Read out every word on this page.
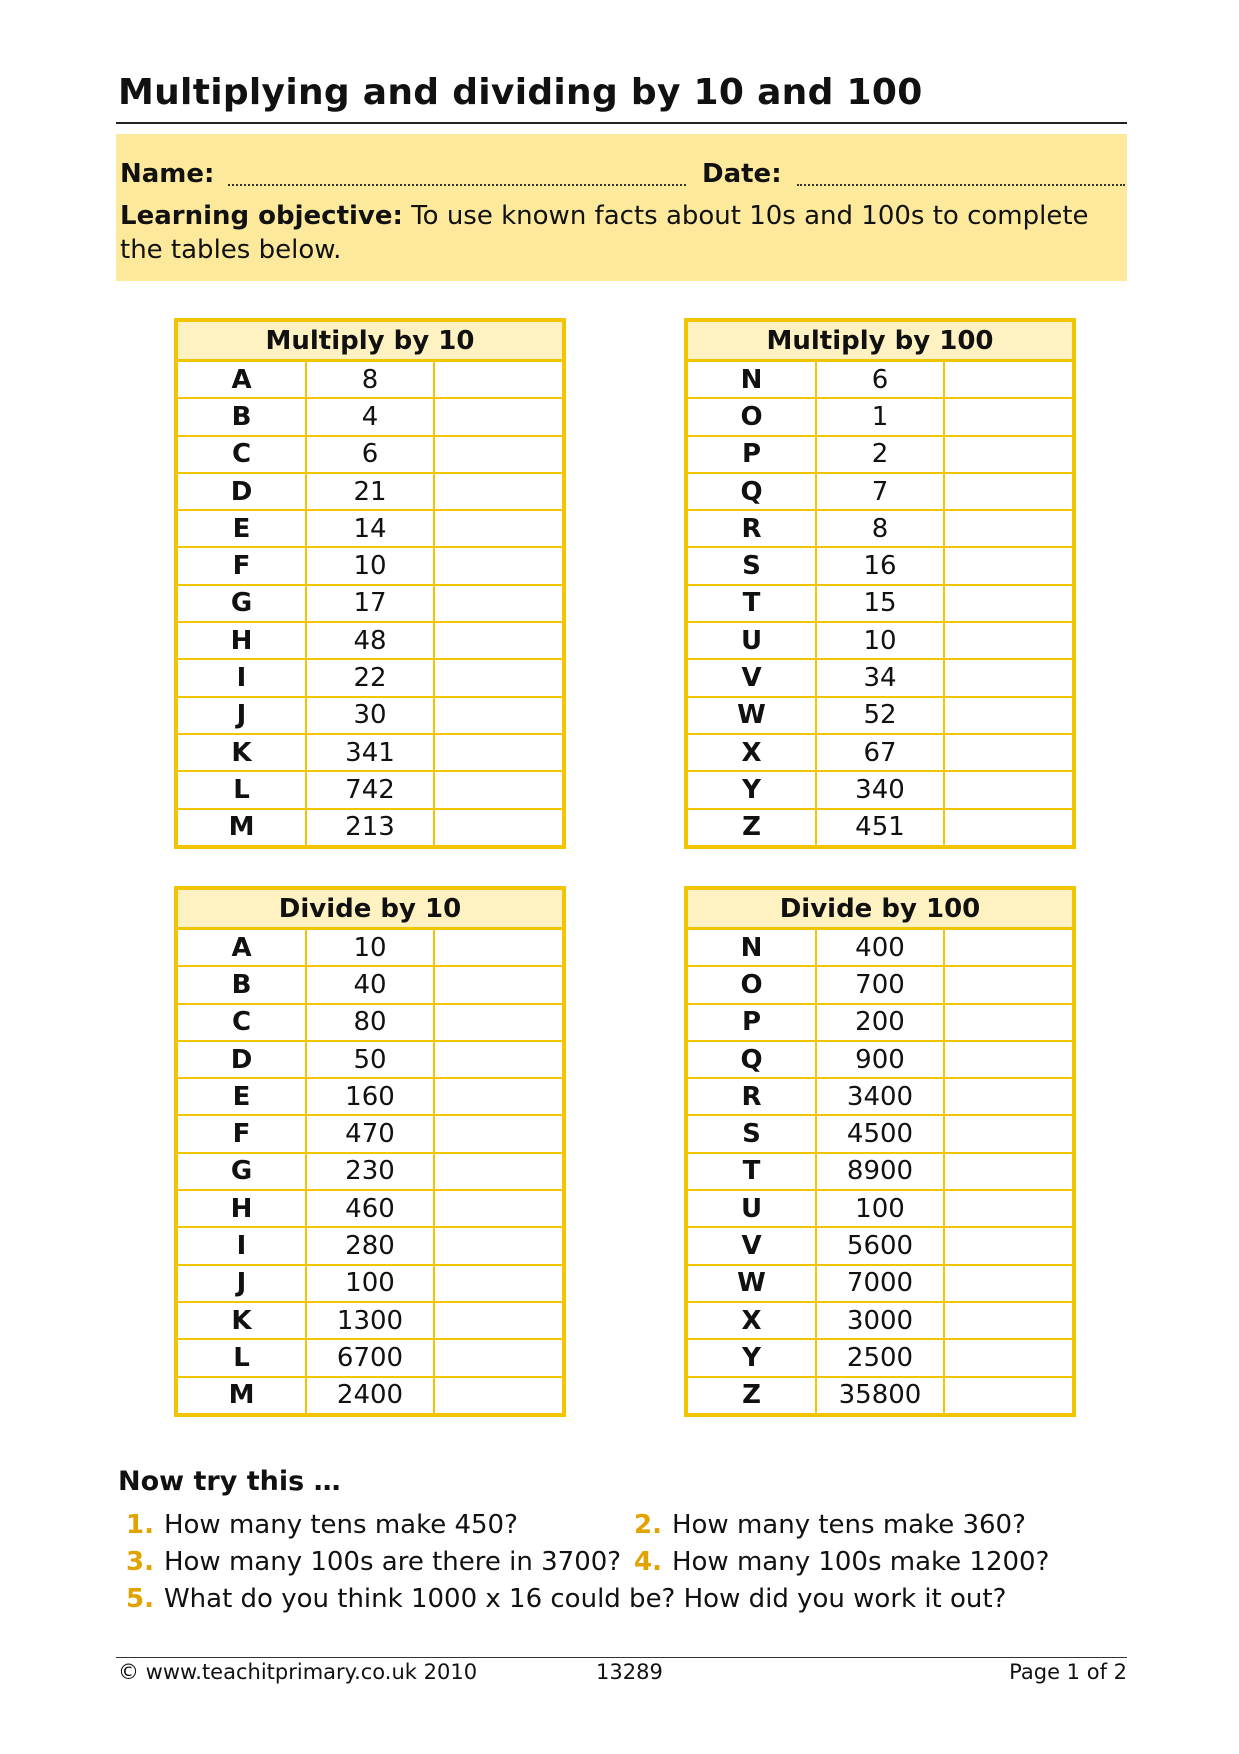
Multiplying and dividing by 10 and 100
Name:	Date:
Learning objective: To use known facts about 10s and 100s to complete the tables below.
Multiply by 10		
A	8	
B	4	
C	6	
D	21	
E	14	
F	10	
G	17	
H	48	
I	22	
J	30	
K	341	
L	742	
M	213	
Multiply by 100		
N	6	
O	1	
P	2	
Q	7	
R	8	
S	16	
T	15	
U	10	
V	34	
W	52	
X	67	
Y	340	
Z	451	
Divide by 10		
A	10	
B	40	
C	80	
D	50	
E	160	
F	470	
G	230	
H	460	
I	280	
J	100	
K	1300	
L	6700	
M	2400	
Divide by 100		
N	400	
O	700	
P	200	
Q	900	
R	3400	
S	4500	
T	8900	
U	100	
V	5600	
W	7000	
X	3000	
Y	2500	
Z	35800	
Now try this …
1. How many tens make 450?	2. How many tens make 360?
3. How many 100s are there in 3700? 4. How many 100s make 1200?
5. What do you think 1000 x 16 could be? How did you work it out?
© www.teachitprimary.co.uk 2010	13289	Page 1 of 2
